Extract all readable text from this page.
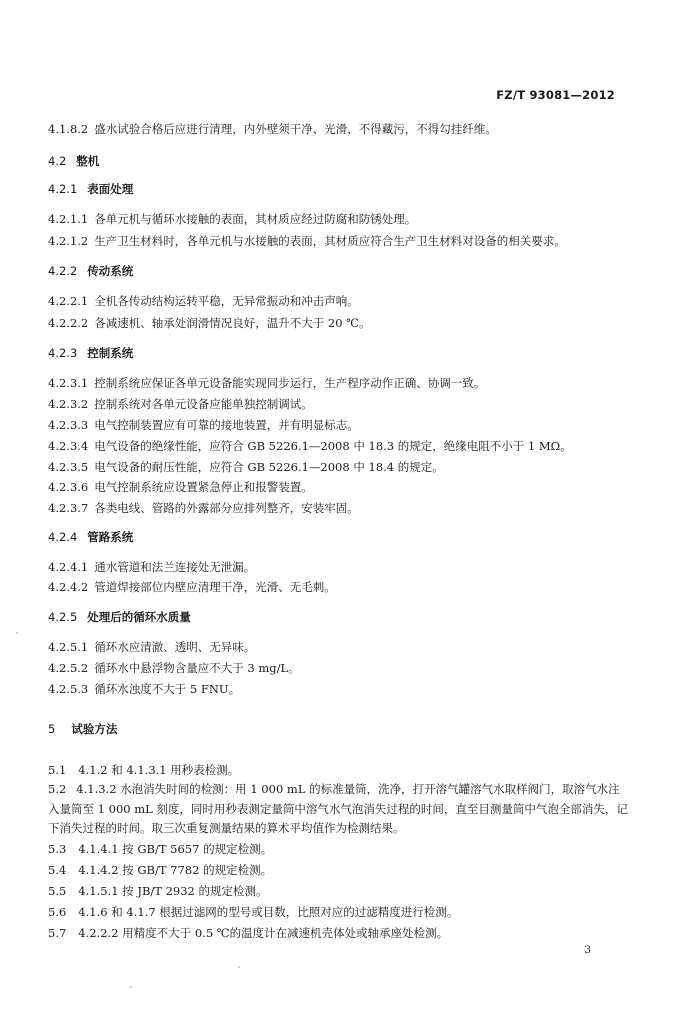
FZ/T 93081—2012
4.1.8.2 盛水试验合格后应进行清理，内外壁须干净、光滑，不得藏污，不得勾挂纤维。
4.2 整机
4.2.1 表面处理
4.2.1.1 各单元机与循环水接触的表面，其材质应经过防腐和防锈处理。
4.2.1.2 生产卫生材料时，各单元机与水接触的表面，其材质应符合生产卫生材料对设备的相关要求。
4.2.2 传动系统
4.2.2.1 全机各传动结构运转平稳，无异常振动和冲击声响。
4.2.2.2 各减速机、轴承处润滑情况良好，温升不大于 20 ℃。
4.2.3 控制系统
4.2.3.1 控制系统应保证各单元设备能实现同步运行，生产程序动作正确、协调一致。
4.2.3.2 控制系统对各单元设备应能单独控制调试。
4.2.3.3 电气控制装置应有可靠的接地装置，并有明显标志。
4.2.3.4 电气设备的绝缘性能，应符合 GB 5226.1—2008 中 18.3 的规定，绝缘电阻不小于 1 MΩ。
4.2.3.5 电气设备的耐压性能，应符合 GB 5226.1—2008 中 18.4 的规定。
4.2.3.6 电气控制系统应设置紧急停止和报警装置。
4.2.3.7 各类电线、管路的外露部分应排列整齐，安装牢固。
4.2.4 管路系统
4.2.4.1 通水管道和法兰连接处无泄漏。
4.2.4.2 管道焊接部位内壁应清理干净，光滑、无毛刺。
4.2.5 处理后的循环水质量
4.2.5.1 循环水应清澈、透明、无异味。
4.2.5.2 循环水中悬浮物含量应不大于 3 mg/L。
4.2.5.3 循环水浊度不大于 5 FNU。
5 试验方法
5.1 4.1.2 和 4.1.3.1 用秒表检测。
5.2 4.1.3.2 水泡消失时间的检测：用 1 000 mL 的标准量筒，洗净，打开溶气罐溶气水取样阀门，取溶气水注入量筒至 1 000 mL 刻度，同时用秒表测定量筒中溶气水气泡消失过程的时间，直至目测量筒中气泡全部消失，记下消失过程的时间。取三次重复测量结果的算术平均值作为检测结果。
5.3 4.1.4.1 按 GB/T 5657 的规定检测。
5.4 4.1.4.2 按 GB/T 7782 的规定检测。
5.5 4.1.5.1 按 JB/T 2932 的规定检测。
5.6 4.1.6 和 4.1.7 根据过滤网的型号或目数，比照对应的过滤精度进行检测。
5.7 4.2.2.2 用精度不大于 0.5 ℃的温度计在减速机壳体处或轴承座处检测。
3
